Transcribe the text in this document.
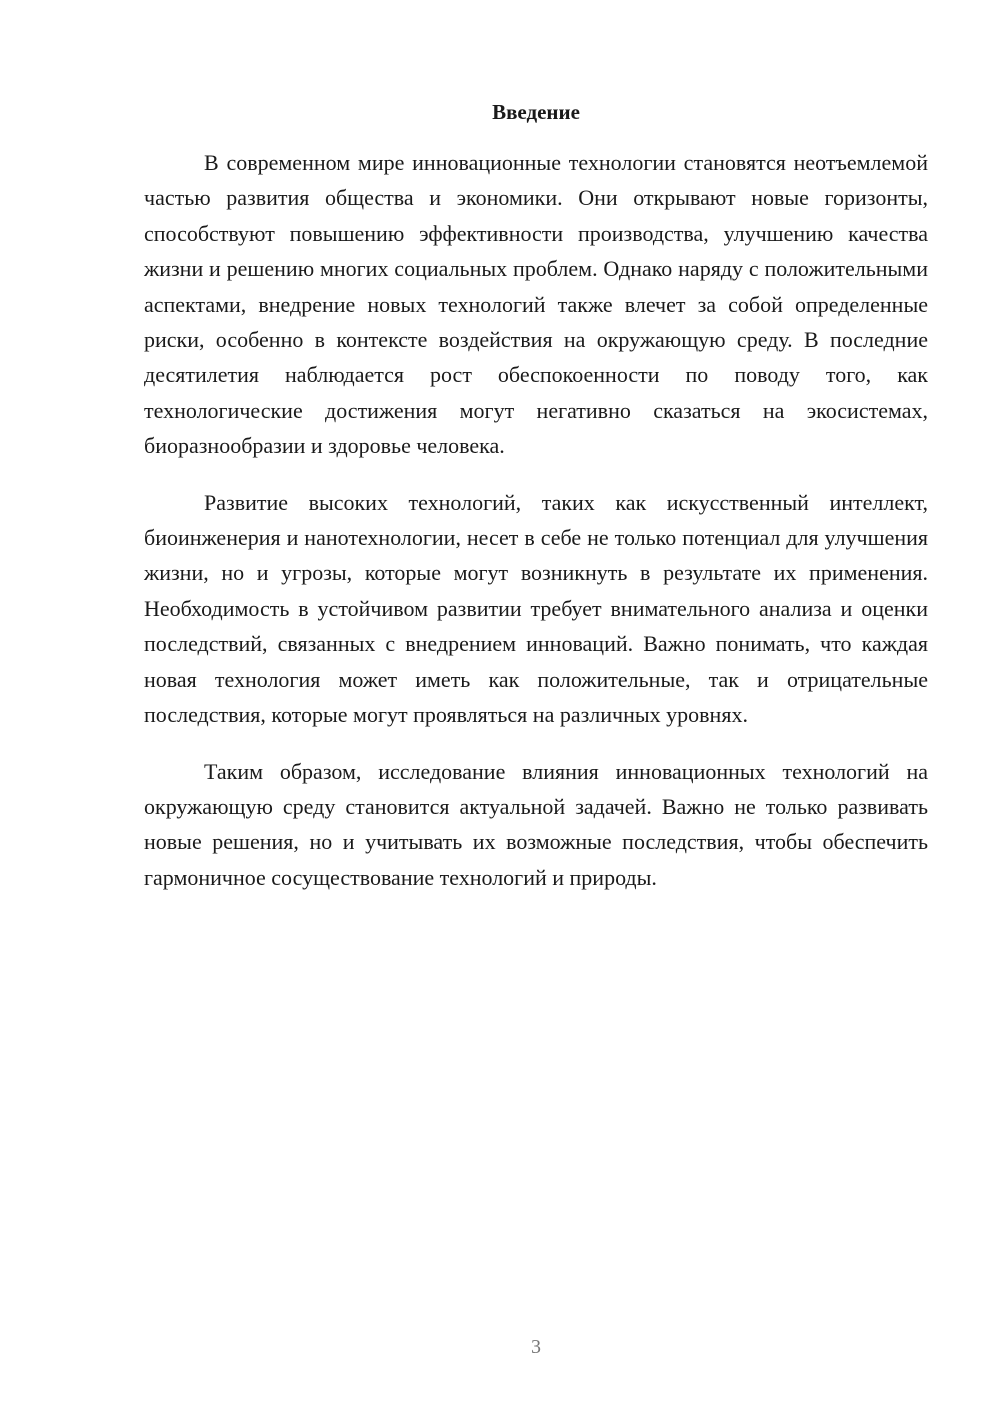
Введение

В современном мире инновационные технологии становятся неотъемлемой частью развития общества и экономики. Они открывают новые горизонты, способствуют повышению эффективности производства, улучшению качества жизни и решению многих социальных проблем. Однако наряду с положительными аспектами, внедрение новых технологий также влечет за собой определенные риски, особенно в контексте воздействия на окружающую среду. В последние десятилетия наблюдается рост обеспокоенности по поводу того, как технологические достижения могут негативно сказаться на экосистемах, биоразнообразии и здоровье человека.

Развитие высоких технологий, таких как искусственный интеллект, биоинженерия и нанотехнологии, несет в себе не только потенциал для улучшения жизни, но и угрозы, которые могут возникнуть в результате их применения. Необходимость в устойчивом развитии требует внимательного анализа и оценки последствий, связанных с внедрением инноваций. Важно понимать, что каждая новая технология может иметь как положительные, так и отрицательные последствия, которые могут проявляться на различных уровнях.

Таким образом, исследование влияния инновационных технологий на окружающую среду становится актуальной задачей. Важно не только развивать новые решения, но и учитывать их возможные последствия, чтобы обеспечить гармоничное сосуществование технологий и природы.

3
